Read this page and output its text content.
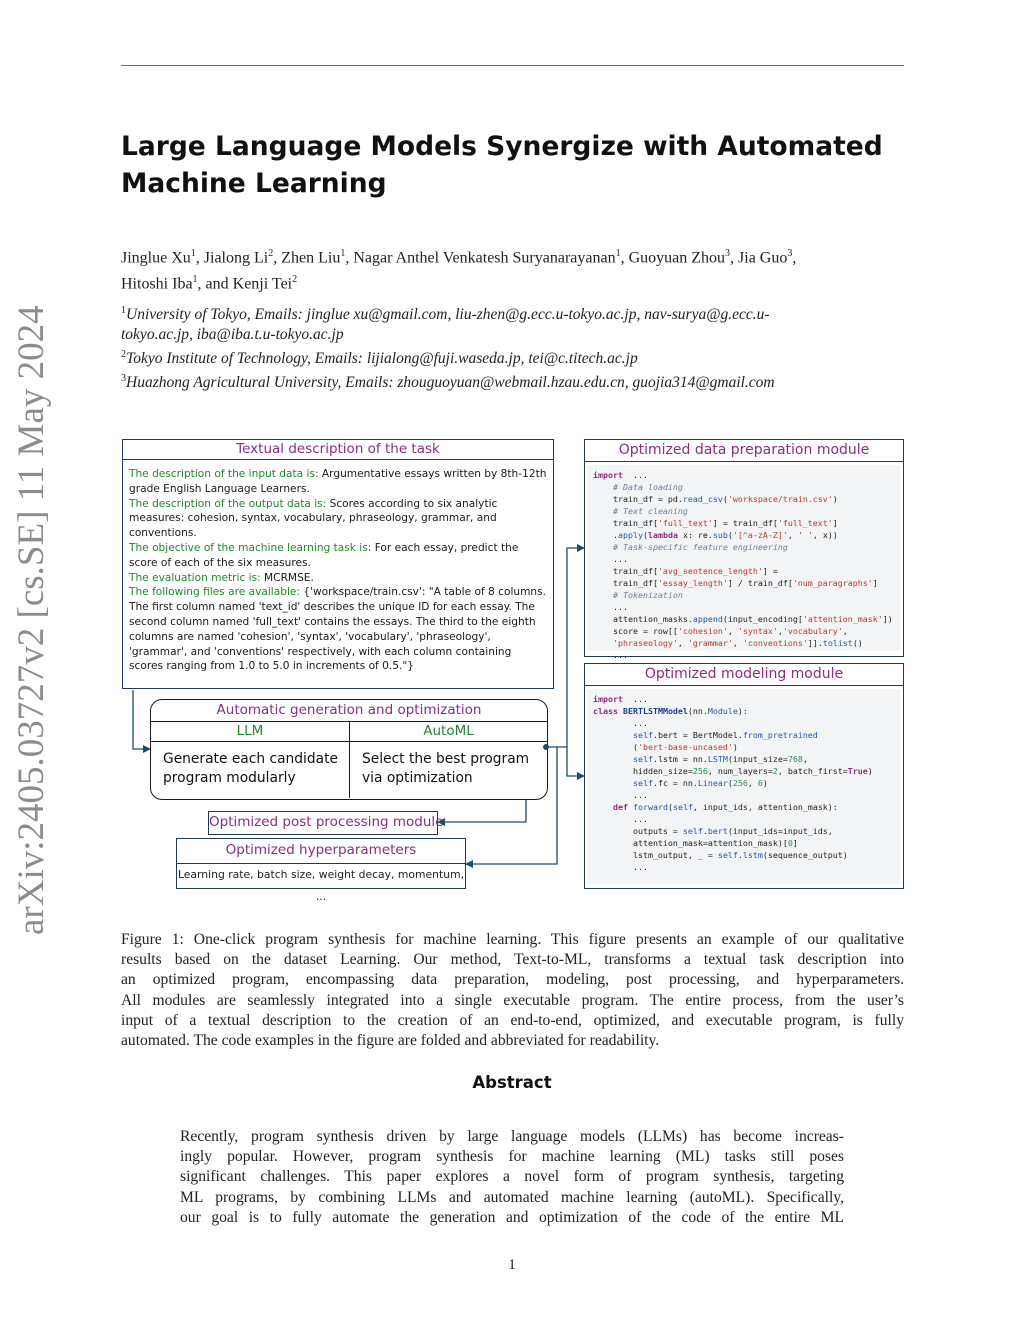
arXiv:2405.03727v2 [cs.SE] 11 May 2024
Large Language Models Synergize with Automated Machine Learning
Jinglue Xu$^1$, Jialong Li$^2$, Zhen Liu$^1$, Nagar Anthel Venkatesh Suryanarayanan$^1$, Guoyuan Zhou$^3$, Jia Guo$^3$,
Hitoshi Iba$^1$, and Kenji Tei$^2$
$^1$University of Tokyo, Emails: jinglue xu@gmail.com, liu-zhen@g.ecc.u-tokyo.ac.jp, nav-surya@g.ecc.u-
tokyo.ac.jp, iba@iba.t.u-tokyo.ac.jp
$^2$Tokyo Institute of Technology, Emails: lijialong@fuji.waseda.jp, tei@c.titech.ac.jp
$^3$Huazhong Agricultural University, Emails: zhouguoyuan@webmail.hzau.edu.cn, guojia314@gmail.com
Textual description of the task
The description of the input data is: Argumentative essays written by 8th-12th grade English Language Learners.
The description of the output data is: Scores according to six analytic measures: cohesion, syntax, vocabulary, phraseology, grammar, and conventions.
The objective of the machine learning task is: For each essay, predict the score of each of the six measures.
The evaluation metric is: MCRMSE.
The following files are available: {'workspace/train.csv': "A table of 8 columns. The first column named 'text_id' describes the unique ID for each essay. The second column named 'full_text' contains the essays. The third to the eighth columns are named 'cohesion', 'syntax', 'vocabulary', 'phraseology', 'grammar', and 'conventions' respectively, with each column containing scores ranging from 1.0 to 5.0 in increments of 0.5."}
Automatic generation and optimization
LLM
Generate each candidate program modularly
AutoML
Select the best program via optimization
Optimized post processing module
Optimized hyperparameters
Learning rate, batch size, weight decay, momentum, ...
Optimized data preparation module
import  ...
# Data loading
train_df = pd.read_csv('workspace/train.csv')
# Text cleaning
train_df['full_text'] = train_df['full_text']
.apply(lambda x: re.sub('[^a-zA-Z]', ' ', x))
# Task-specific feature engineering
...
train_df['avg_sentence_length'] =
train_df['essay_length'] / train_df['num_paragraphs']
# Tokenization
...
attention_masks.append(input_encoding['attention_mask'])
score = row[['cohesion', 'syntax','vocabulary',
'phraseology', 'grammar', 'conventions']].tolist()
...
Optimized modeling module
import  ...
class BERTLSTMModel(nn.Module):
...
self.bert = BertModel.from_pretrained
('bert-base-uncased')
self.lstm = nn.LSTM(input_size=768,
hidden_size=256, num_layers=2, batch_first=True)
self.fc = nn.Linear(256, 6)
...
def forward(self, input_ids, attention_mask):
...
outputs = self.bert(input_ids=input_ids,
attention_mask=attention_mask)[0]
lstm_output, _ = self.lstm(sequence_output)
...
Figure 1: One-click program synthesis for machine learning. This figure presents an example of our qualitative
results based on the dataset Learning. Our method, Text-to-ML, transforms a textual task description into
an optimized program, encompassing data preparation, modeling, post processing, and hyperparameters.
All modules are seamlessly integrated into a single executable program. The entire process, from the user’s
input of a textual description to the creation of an end-to-end, optimized, and executable program, is fully
automated. The code examples in the figure are folded and abbreviated for readability.
Abstract
Recently, program synthesis driven by large language models (LLMs) has become increas-
ingly popular. However, program synthesis for machine learning (ML) tasks still poses
significant challenges. This paper explores a novel form of program synthesis, targeting
ML programs, by combining LLMs and automated machine learning (autoML). Specifically,
our goal is to fully automate the generation and optimization of the code of the entire ML
1
